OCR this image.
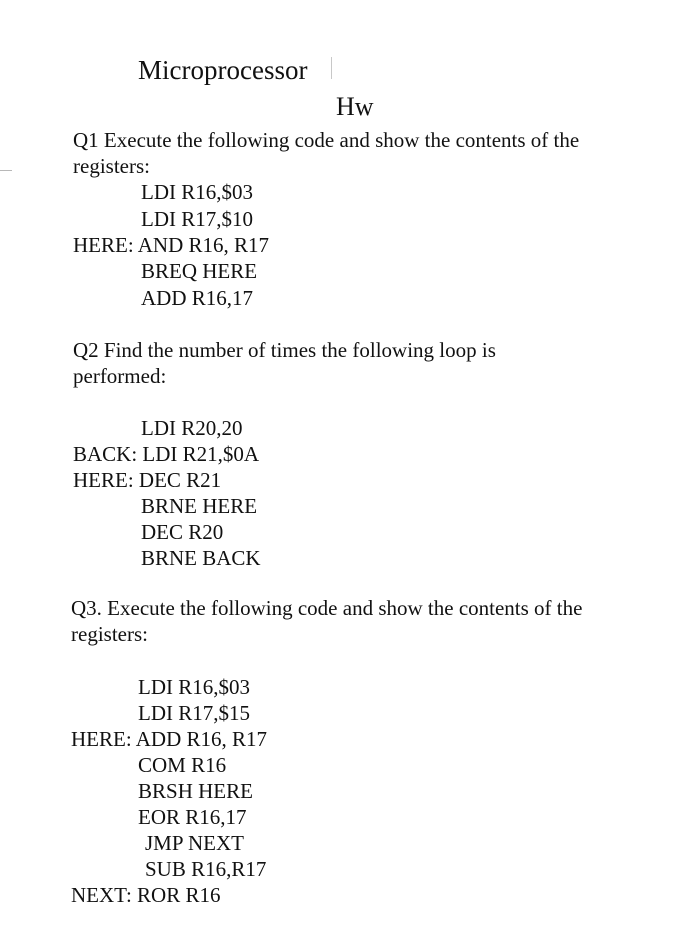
Microprocessor
Hw
Q1 Execute the following code and show the contents of the
registers:
LDI R16,$03
LDI R17,$10
HERE: AND R16, R17
BREQ HERE
ADD R16,17
Q2 Find the number of times the following loop is
performed:
LDI R20,20
BACK: LDI R21,$0A
HERE: DEC R21
BRNE HERE
DEC R20
BRNE BACK
Q3. Execute the following code and show the contents of the
registers:
LDI R16,$03
LDI R17,$15
HERE: ADD R16, R17
COM R16
BRSH HERE
EOR R16,17
JMP NEXT
SUB R16,R17
NEXT: ROR R16
